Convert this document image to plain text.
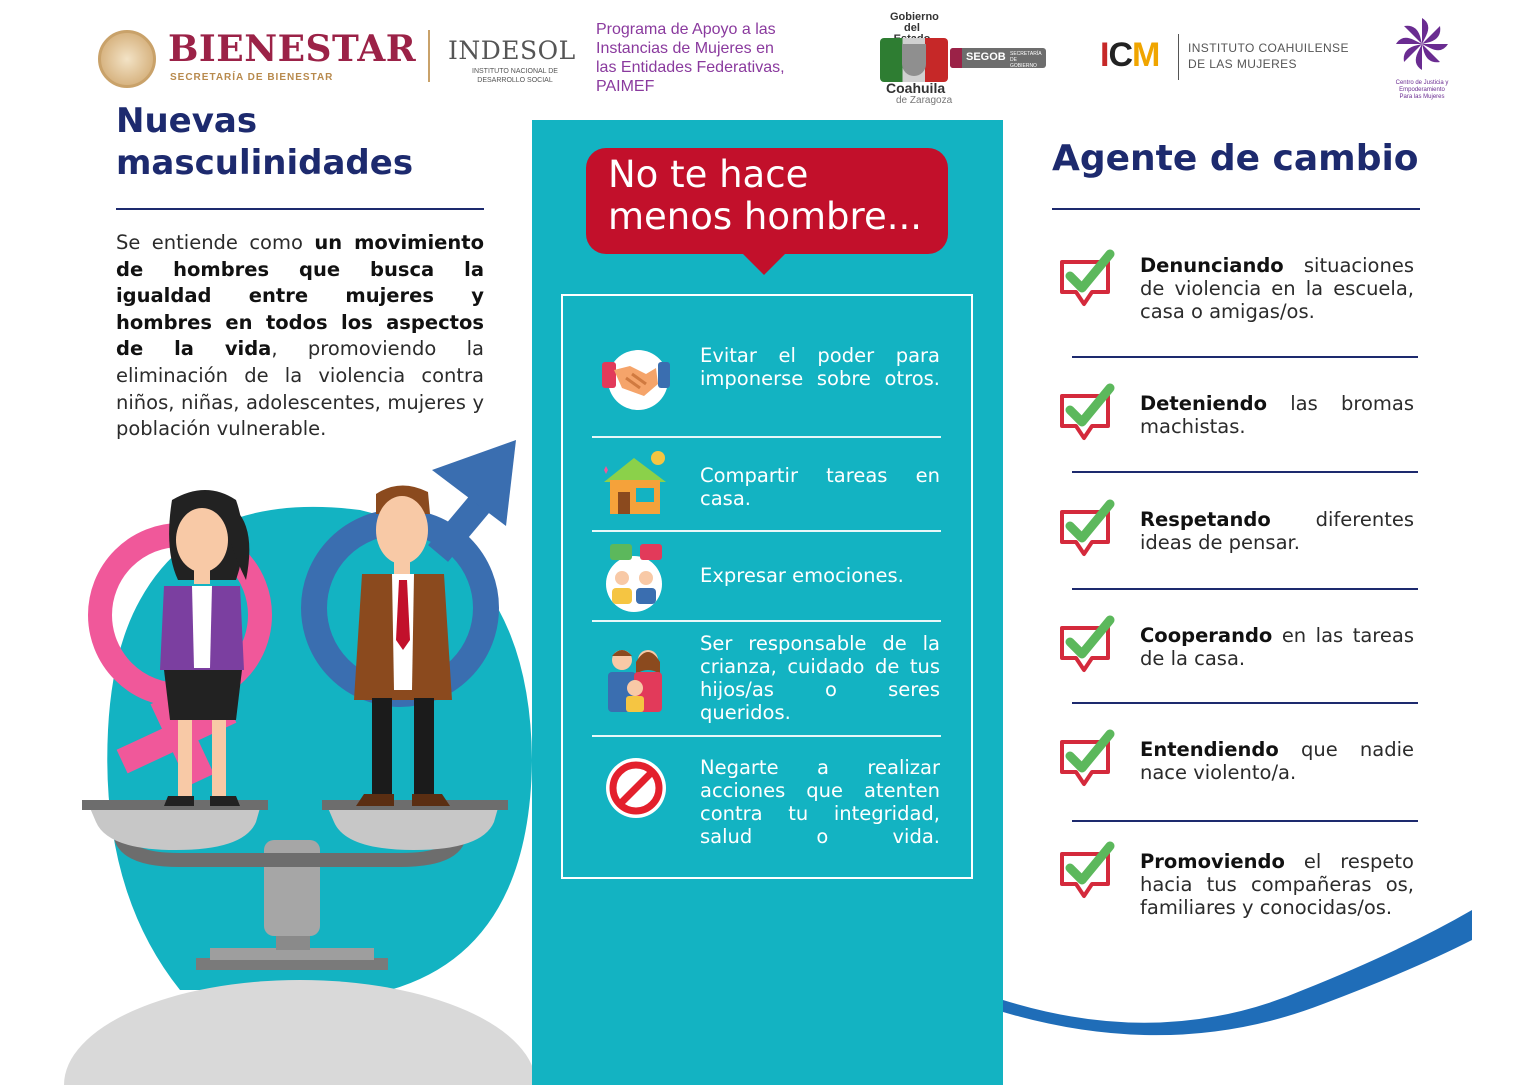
BIENESTAR
SECRETARÍA DE BIENESTAR
INDESOL
INSTITUTO NACIONAL DE DESARROLLO SOCIAL
Programa de Apoyo a las
Instancias de Mujeres en
las Entidades Federativas,
PAIMEF
Gobierno del
Coahuila
de Zaragoza
SEGOB SECRETARÍA DE GOBIERNO ICM INSTITUTO COAHUILENSE
DE LAS MUJERES
Centro de Justicia y
Empoderamiento
Para las Mujeres
Nuevas
masculinidades
Se entiende como un movimiento de hombres que busca la igualdad entre mujeres y hombres en todos los aspectos de la vida, promoviendo la eliminación de la violencia contra niños, niñas, adolescentes, mujeres y población vulnerable.
No te hace
menos hombre...
Evitar el poder para imponerse sobre otros.
Compartir tareas en casa.
Expresar emociones.
Ser responsable de la crianza, cuidado de tus hijos/as o seres queridos.
Negarte a realizar acciones que atenten contra tu integridad, salud o vida.
Agente de cambio
Denunciando situaciones de violencia en la escuela, casa o amigas/os.
Deteniendo las bromas machistas.
Respetando diferentes ideas de pensar.
Cooperando en las tareas de la casa.
Entendiendo que nadie nace violento/a.
Promoviendo el respeto hacia tus compañeras os, familiares y conocidas/os.
